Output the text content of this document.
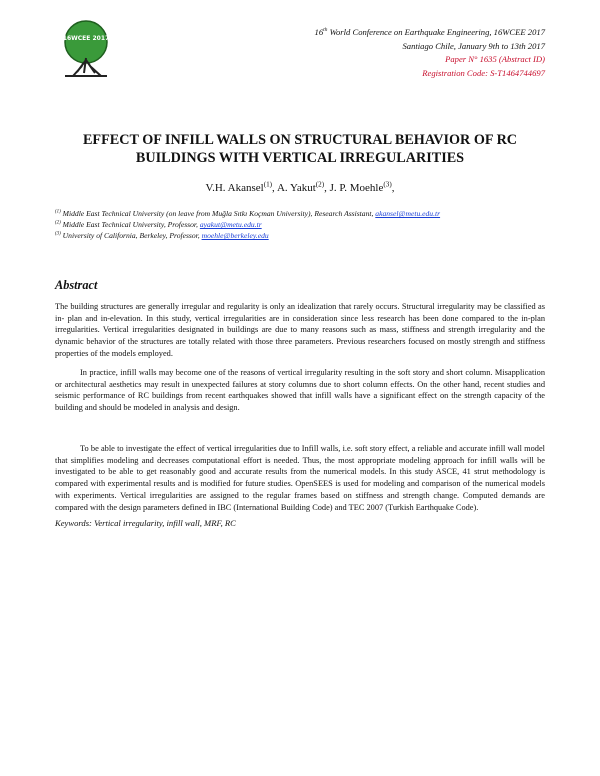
16WCEE 2017
16th World Conference on Earthquake Engineering, 16WCEE 2017
Santiago Chile, January 9th to 13th 2017
Paper N° 1635 (Abstract ID)
Registration Code: S-T1464744697
EFFECT OF INFILL WALLS ON STRUCTURAL BEHAVIOR OF RC
BUILDINGS WITH VERTICAL IRREGULARITIES
V.H. Akansel$^{(1)}$, A. Yakut$^{(2)}$, J. P. Moehle$^{(3)}$,
$^{(1)}$ Middle East Technical University (on leave from Muğla Sıtkı Koçman University), Research Assistant, akansel@metu.edu.tr
$^{(2)}$ Middle East Technical University, Professor, ayakut@metu.edu.tr
$^{(3)}$ University of California, Berkeley, Professor, moehle@berkeley.edu
Abstract
The building structures are generally irregular and regularity is only an idealization that rarely occurs. Structural irregularity may be classified as in- plan and in-elevation. In this study, vertical irregularities are in consideration since less research has been done compared to the in-plan irregularities. Vertical irregularities designated in buildings are due to many reasons such as mass, stiffness and strength irregularity and the dynamic behavior of the structures are totally related with those three parameters. Previous researchers focused on mostly strength and stiffness properties of the models employed.
In practice, infill walls may become one of the reasons of vertical irregularity resulting in the soft story and short column. Misapplication or architectural aesthetics may result in unexpected failures at story columns due to short column effects. On the other hand, recent studies and seismic performance of RC buildings from recent earthquakes showed that infill walls have a significant effect on the strength capacity of the building and should be modeled in analysis and design.
To be able to investigate the effect of vertical irregularities due to Infill walls, i.e. soft story effect, a reliable and accurate infill wall model that simplifies modeling and decreases computational effort is needed. Thus, the most appropriate modeling approach for infill walls will be investigated to be able to get reasonably good and accurate results from the numerical models. In this study ASCE, 41 strut methodology is compared with experimental results and is modified for future studies. OpenSEES is used for modeling and comparison of the numerical models with experiments. Vertical irregularities are assigned to the regular frames based on stiffness and strength change. Computed demands are compared with the design parameters defined in IBC (International Building Code) and TEC 2007 (Turkish Earthquake Code).
Keywords: Vertical irregularity, infill wall, MRF, RC
